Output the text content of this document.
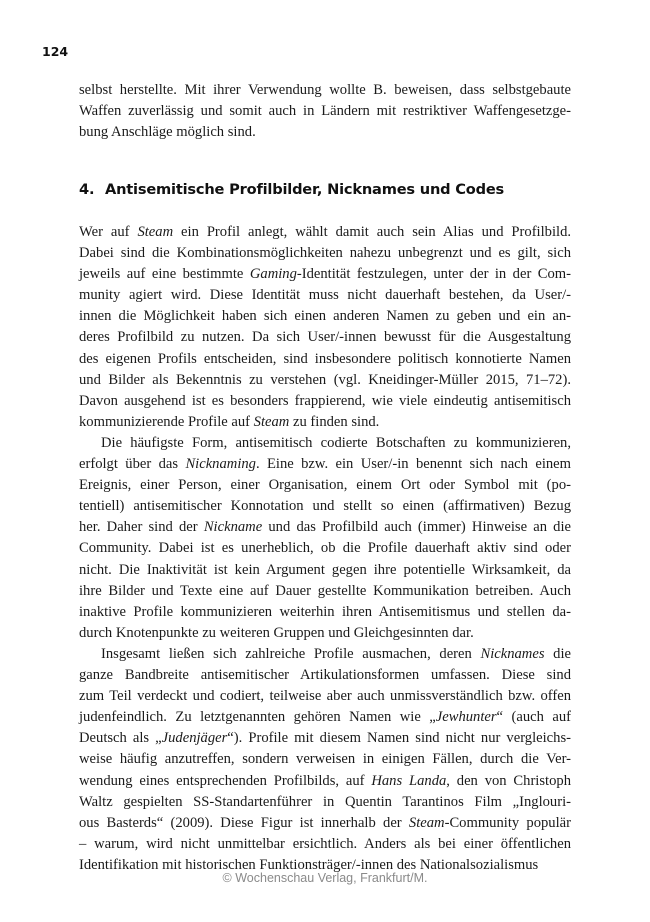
124
selbst herstellte. Mit ihrer Verwendung wollte B. beweisen, dass selbstgebaute
Waffen zuverlässig und somit auch in Ländern mit restriktiver Waffengesetzge-
bung Anschläge möglich sind.
4. Antisemitische Profilbilder, Nicknames und Codes
Wer auf Steam ein Profil anlegt, wählt damit auch sein Alias und Profilbild.
Dabei sind die Kombinationsmöglichkeiten nahezu unbegrenzt und es gilt, sich
jeweils auf eine bestimmte Gaming-Identität festzulegen, unter der in der Com-
munity agiert wird. Diese Identität muss nicht dauerhaft bestehen, da User/-
innen die Möglichkeit haben sich einen anderen Namen zu geben und ein an-
deres Profilbild zu nutzen. Da sich User/-innen bewusst für die Ausgestaltung
des eigenen Profils entscheiden, sind insbesondere politisch konnotierte Namen
und Bilder als Bekenntnis zu verstehen (vgl. Kneidinger-Müller 2015, 71–72).
Davon ausgehend ist es besonders frappierend, wie viele eindeutig antisemitisch
kommunizierende Profile auf Steam zu finden sind.
Die häufigste Form, antisemitisch codierte Botschaften zu kommunizieren,
erfolgt über das Nicknaming. Eine bzw. ein User/-in benennt sich nach einem
Ereignis, einer Person, einer Organisation, einem Ort oder Symbol mit (po-
tentiell) antisemitischer Konnotation und stellt so einen (affirmativen) Bezug
her. Daher sind der Nickname und das Profilbild auch (immer) Hinweise an die
Community. Dabei ist es unerheblich, ob die Profile dauerhaft aktiv sind oder
nicht. Die Inaktivität ist kein Argument gegen ihre potentielle Wirksamkeit, da
ihre Bilder und Texte eine auf Dauer gestellte Kommunikation betreiben. Auch
inaktive Profile kommunizieren weiterhin ihren Antisemitismus und stellen da-
durch Knotenpunkte zu weiteren Gruppen und Gleichgesinnten dar.
Insgesamt ließen sich zahlreiche Profile ausmachen, deren Nicknames die
ganze Bandbreite antisemitischer Artikulationsformen umfassen. Diese sind
zum Teil verdeckt und codiert, teilweise aber auch unmissverständlich bzw. offen
judenfeindlich. Zu letztgenannten gehören Namen wie „Jewhunter“ (auch auf
Deutsch als „Judenjäger“). Profile mit diesem Namen sind nicht nur vergleichs-
weise häufig anzutreffen, sondern verweisen in einigen Fällen, durch die Ver-
wendung eines entsprechenden Profilbilds, auf Hans Landa, den von Christoph
Waltz gespielten SS-Standartenführer in Quentin Tarantinos Film „Inglouri-
ous Basterds“ (2009). Diese Figur ist innerhalb der Steam-Community populär
– warum, wird nicht unmittelbar ersichtlich. Anders als bei einer öffentlichen
Identifikation mit historischen Funktionsträger/-innen des Nationalsozialismus
© Wochenschau Verlag, Frankfurt/M.
